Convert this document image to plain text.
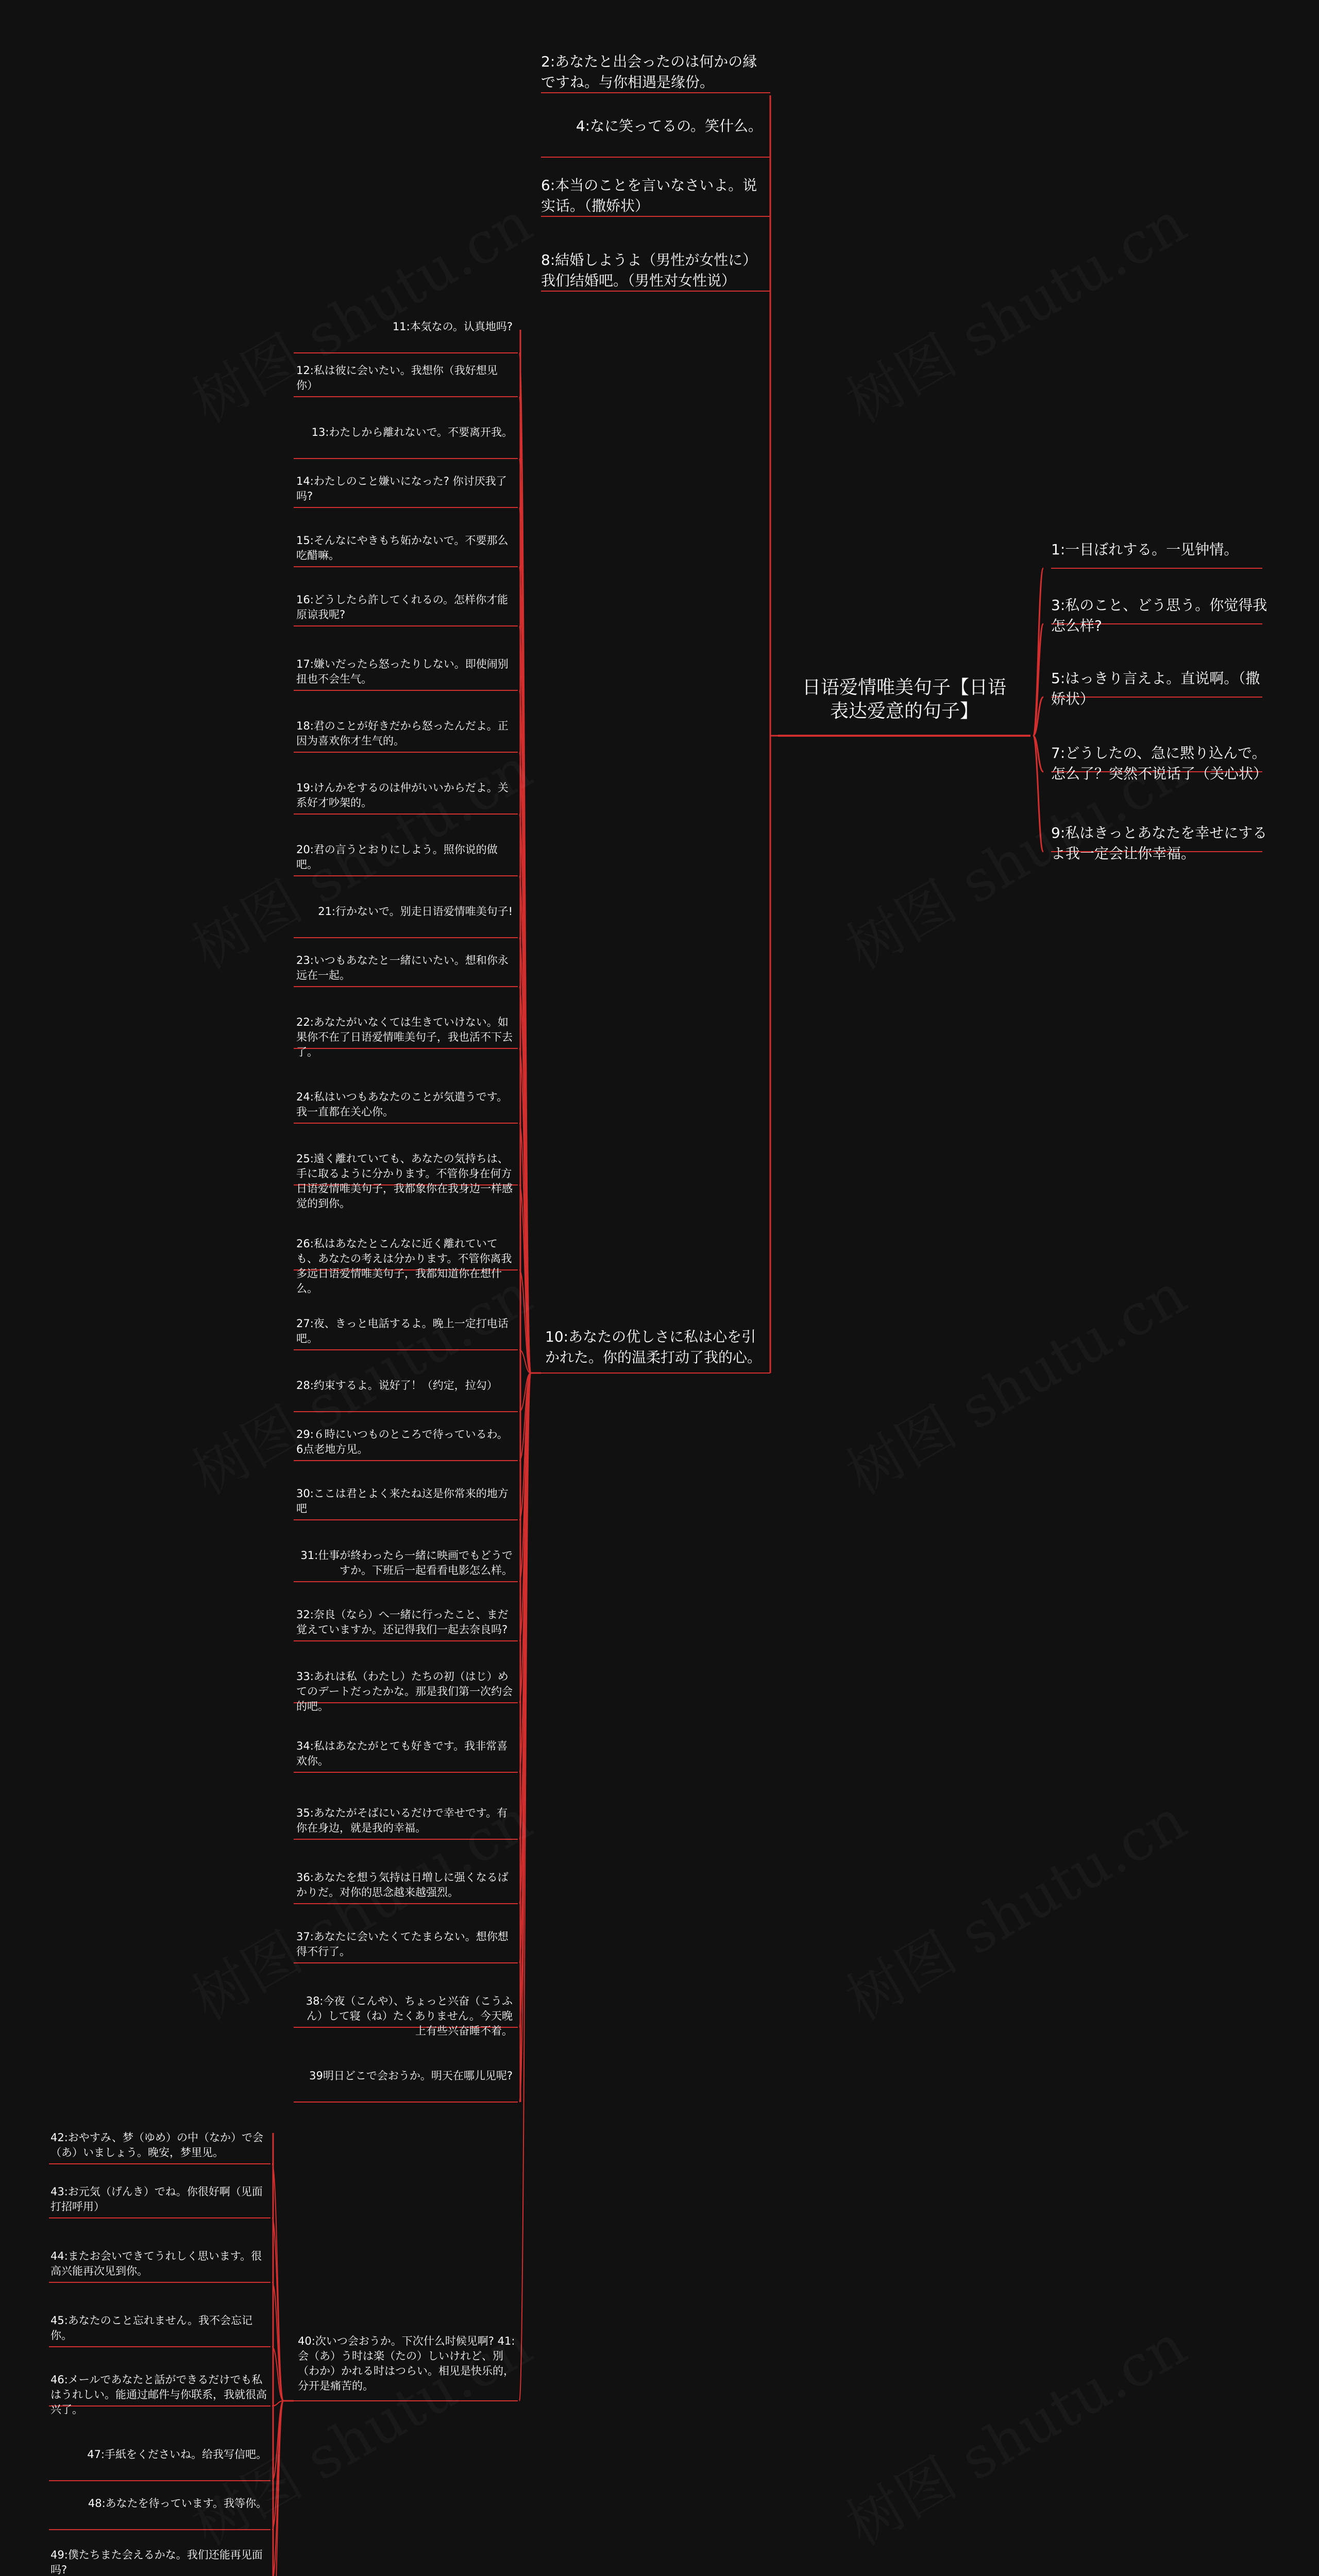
日语爱情唯美句子【日语表达爱意的句子】
1:一目ぼれする。一见钟情。
3:私のこと、どう思う。你觉得我怎么样?
5:はっきり言えよ。直说啊。（撒娇状）
7:どうしたの、急に黙り込んで。怎么了？突然不说话了（关心状）
9:私はきっとあなたを幸せにするよ我一定会让你幸福。
2:あなたと出会ったのは何かの縁ですね。与你相遇是缘份。
4:なに笑ってるの。笑什么。
6:本当のことを言いなさいよ。说实话。（撒娇状）
8:結婚しようよ（男性が女性に）我们结婚吧。（男性对女性说）
10:あなたの优しさに私は心を引かれた。你的温柔打动了我的心。
11:本気なの。认真地吗?
12:私は彼に会いたい。我想你（我好想见你）
13:わたしから離れないで。不要离开我。
14:わたしのこと嫌いになった? 你讨厌我了吗?
15:そんなにやきもち妬かないで。不要那么吃醋嘛。
16:どうしたら許してくれるの。怎样你才能原谅我呢?
17:嫌いだったら怒ったりしない。即使闹别扭也不会生气。
18:君のことが好きだから怒ったんだよ。正因为喜欢你才生气的。
19:けんかをするのは仲がいいからだよ。关系好才吵架的。
20:君の言うとおりにしよう。照你说的做吧。
21:行かないで。别走日语爱情唯美句子!
23:いつもあなたと一緒にいたい。想和你永远在一起。
22:あなたがいなくては生きていけない。如果你不在了日语爱情唯美句子，我也活不下去了。
24:私はいつもあなたのことが気遣うです。我一直都在关心你。
25:遠く離れていても、あなたの気持ちは、手に取るように分かります。不管你身在何方日语爱情唯美句子，我都象你在我身边一样感觉的到你。
26:私はあなたとこんなに近く離れていても、あなたの考えは分かります。不管你离我多远日语爱情唯美句子，我都知道你在想什么。
27:夜、きっと电話するよ。晚上一定打电话吧。
28:约束するよ。说好了！（约定，拉勾）
29:６時にいつものところで待っているわ。6点老地方见。
30:ここは君とよく来たね这是你常来的地方吧
31:仕事が終わったら一緒に映画でもどうですか。下班后一起看看电影怎么样。
32:奈良（なら）へ一緒に行ったこと、まだ覚えていますか。还记得我们一起去奈良吗?
33:あれは私（わたし）たちの初（はじ）めてのデートだったかな。那是我们第一次约会的吧。
34:私はあなたがとても好きです。我非常喜欢你。
35:あなたがそばにいるだけで幸せです。有你在身边，就是我的幸福。
36:あなたを想う気持は日増しに强くなるばかりだ。对你的思念越来越强烈。
37:あなたに会いたくてたまらない。想你想得不行了。
38:今夜（こんや）、ちょっと兴奋（こうふん）して寝（ね）たくありません。今天晚上有些兴奋睡不着。
39明日どこで会おうか。明天在哪儿见呢?
40:次いつ会おうか。下次什么时候见啊? 41:会（あ）う时は楽（たの）しいけれど、別（わか）かれる时はつらい。相见是快乐的，分开是痛苦的。
42:おやすみ、梦（ゆめ）の中（なか）で会（あ）いましょう。晚安，梦里见。
43:お元気（げんき）でね。你很好啊（见面打招呼用）
44:またお会いできてうれしく思います。很高兴能再次见到你。
45:あなたのこと忘れません。我不会忘记你。
46:メールであなたと話ができるだけでも私はうれしい。能通过邮件与你联系，我就很高兴了。
47:手紙をくださいね。给我写信吧。
48:あなたを待っています。我等你。
49:僕たちまた会えるかな。我们还能再见面吗?
